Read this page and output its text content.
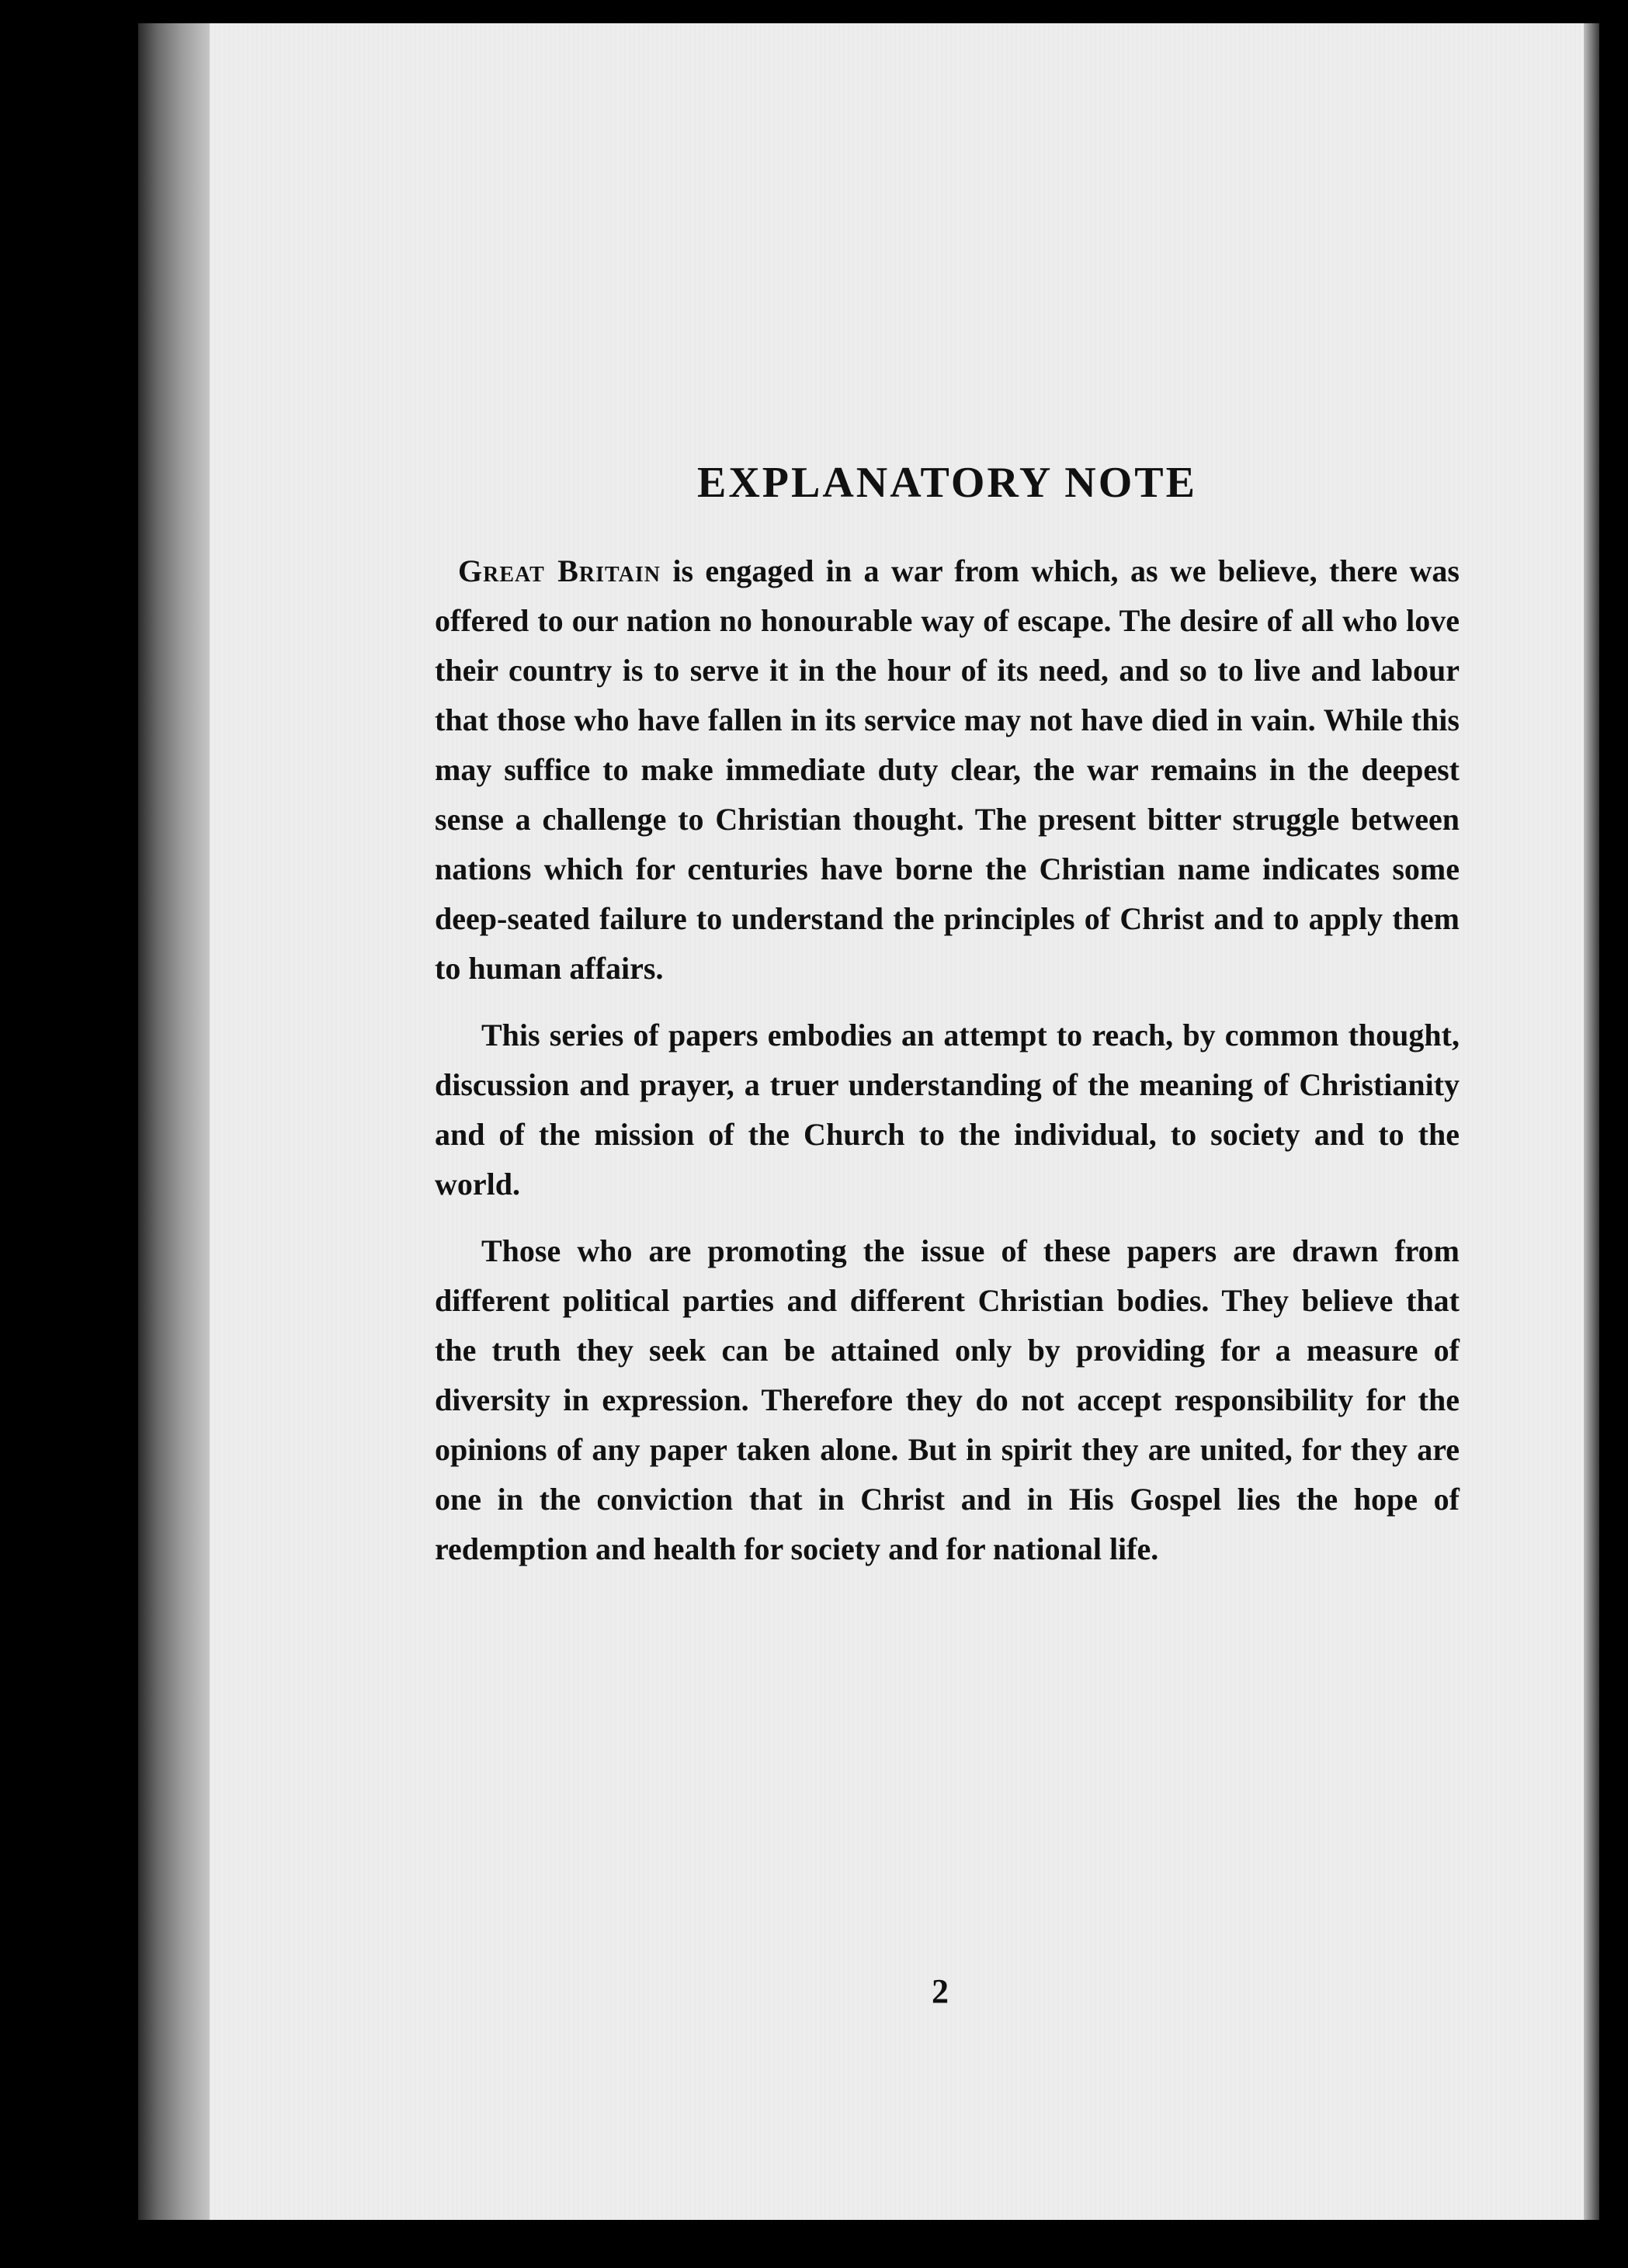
EXPLANATORY NOTE

Great Britain is engaged in a war from which, as we believe, there was offered to our nation no honourable way of escape. The desire of all who love their country is to serve it in the hour of its need, and so to live and labour that those who have fallen in its service may not have died in vain. While this may suffice to make immediate duty clear, the war remains in the deepest sense a challenge to Christian thought. The present bitter struggle between nations which for centuries have borne the Christian name indicates some deep-seated failure to understand the principles of Christ and to apply them to human affairs.

This series of papers embodies an attempt to reach, by common thought, discussion and prayer, a truer understanding of the meaning of Christianity and of the mission of the Church to the individual, to society and to the world.

Those who are promoting the issue of these papers are drawn from different political parties and different Christian bodies. They believe that the truth they seek can be attained only by providing for a measure of diversity in expression. Therefore they do not accept responsibility for the opinions of any paper taken alone. But in spirit they are united, for they are one in the conviction that in Christ and in His Gospel lies the hope of redemption and health for society and for national life.

2
